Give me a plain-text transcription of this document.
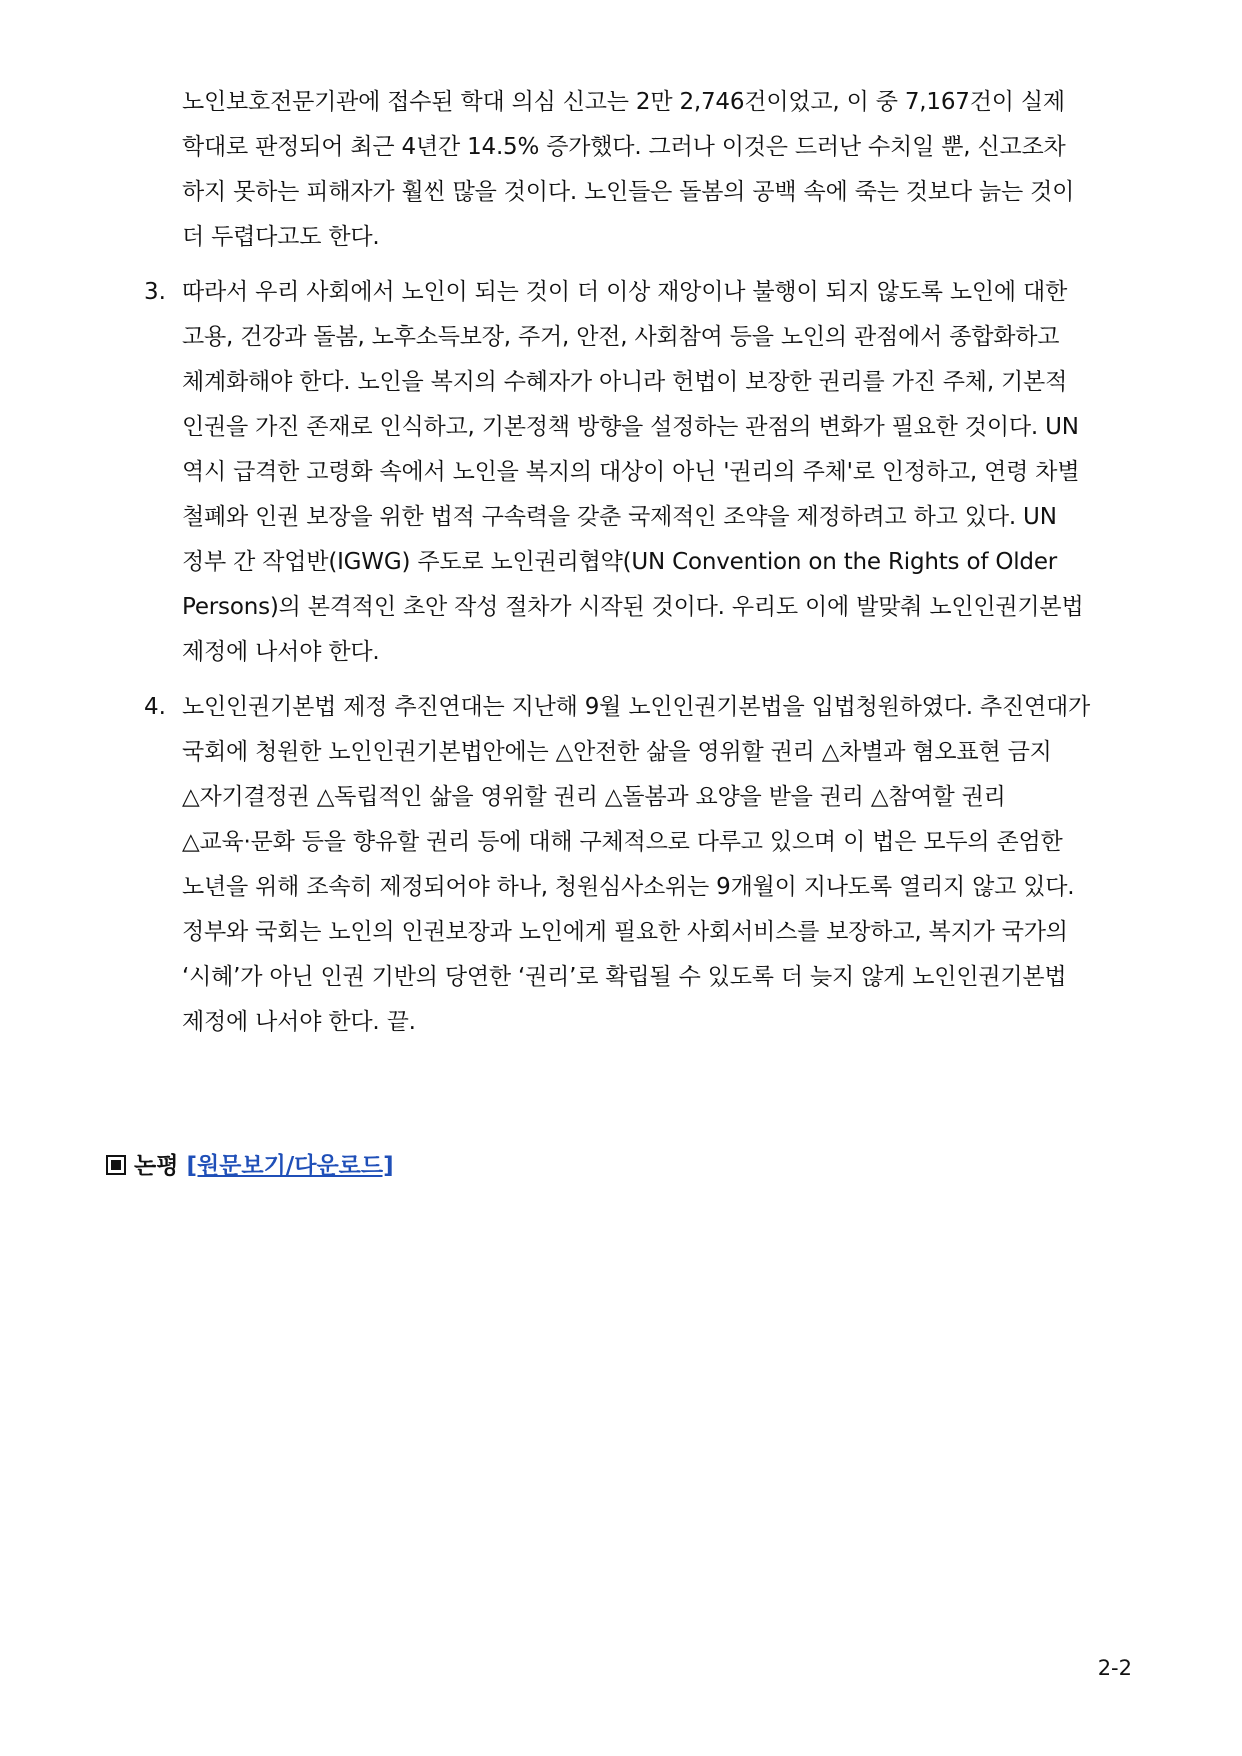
노인보호전문기관에 접수된 학대 의심 신고는 2만 2,746건이었고, 이 중 7,167건이 실제
학대로 판정되어 최근 4년간 14.5% 증가했다. 그러나 이것은 드러난 수치일 뿐, 신고조차
하지 못하는 피해자가 훨씬 많을 것이다. 노인들은 돌봄의 공백 속에 죽는 것보다 늙는 것이
더 두렵다고도 한다.
3. 따라서 우리 사회에서 노인이 되는 것이 더 이상 재앙이나 불행이 되지 않도록 노인에 대한
고용, 건강과 돌봄, 노후소득보장, 주거, 안전, 사회참여 등을 노인의 관점에서 종합화하고
체계화해야 한다. 노인을 복지의 수혜자가 아니라 헌법이 보장한 권리를 가진 주체, 기본적
인권을 가진 존재로 인식하고, 기본정책 방향을 설정하는 관점의 변화가 필요한 것이다. UN
역시 급격한 고령화 속에서 노인을 복지의 대상이 아닌 '권리의 주체'로 인정하고, 연령 차별
철폐와 인권 보장을 위한 법적 구속력을 갖춘 국제적인 조약을 제정하려고 하고 있다. UN
정부 간 작업반(IGWG) 주도로 노인권리협약(UN Convention on the Rights of Older
Persons)의 본격적인 초안 작성 절차가 시작된 것이다. 우리도 이에 발맞춰 노인인권기본법
제정에 나서야 한다.
4. 노인인권기본법 제정 추진연대는 지난해 9월 노인인권기본법을 입법청원하였다. 추진연대가
국회에 청원한 노인인권기본법안에는 △안전한 삶을 영위할 권리 △차별과 혐오표현 금지
△자기결정권 △독립적인 삶을 영위할 권리 △돌봄과 요양을 받을 권리 △참여할 권리
△교육·문화 등을 향유할 권리 등에 대해 구체적으로 다루고 있으며 이 법은 모두의 존엄한
노년을 위해 조속히 제정되어야 하나, 청원심사소위는 9개월이 지나도록 열리지 않고 있다.
정부와 국회는 노인의 인권보장과 노인에게 필요한 사회서비스를 보장하고, 복지가 국가의
‘시혜’가 아닌 인권 기반의 당연한 ‘권리’로 확립될 수 있도록 더 늦지 않게 노인인권기본법
제정에 나서야 한다. 끝.
논평 [원문보기/다운로드]
2-2
